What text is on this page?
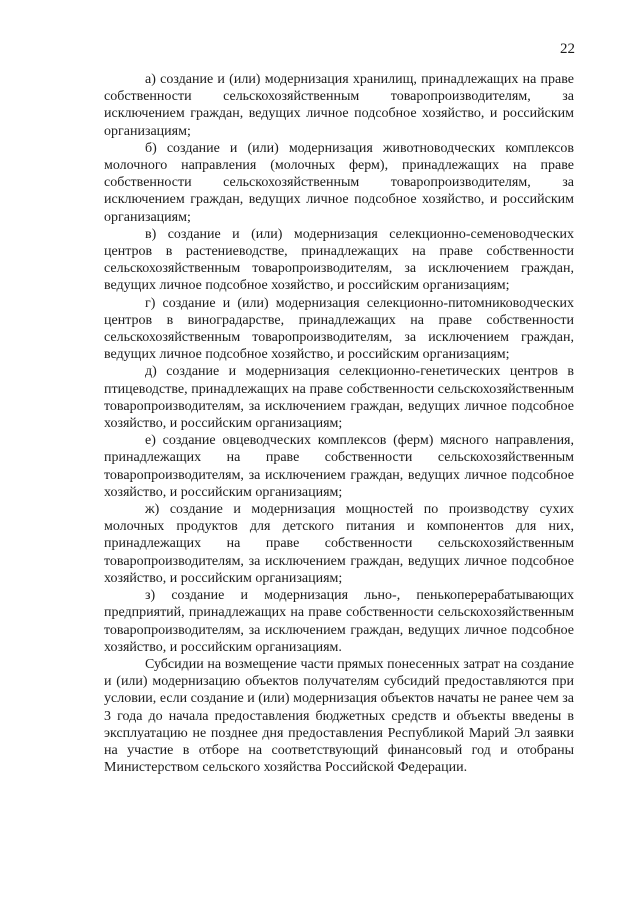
22

а) создание и (или) модернизация хранилищ, принадлежащих на праве собственности сельскохозяйственным товаропроизводителям, за исключением граждан, ведущих личное подсобное хозяйство, и российским организациям;

б) создание и (или) модернизация животноводческих комплексов молочного направления (молочных ферм), принадлежащих на праве собственности сельскохозяйственным товаропроизводителям, за исключением граждан, ведущих личное подсобное хозяйство, и российским организациям;

в) создание и (или) модернизация селекционно-семеноводческих центров в растениеводстве, принадлежащих на праве собственности сельскохозяйственным товаропроизводителям, за исключением граждан, ведущих личное подсобное хозяйство, и российским организациям;

г) создание и (или) модернизация селекционно-питомниководческих центров в виноградарстве, принадлежащих на праве собственности сельскохозяйственным товаропроизводителям, за исключением граждан, ведущих личное подсобное хозяйство, и российским организациям;

д) создание и модернизация селекционно-генетических центров в птицеводстве, принадлежащих на праве собственности сельскохозяйственным товаропроизводителям, за исключением граждан, ведущих личное подсобное хозяйство, и российским организациям;

е) создание овцеводческих комплексов (ферм) мясного направления, принадлежащих на праве собственности сельскохозяйственным товаропроизводителям, за исключением граждан, ведущих личное подсобное хозяйство, и российским организациям;

ж) создание и модернизация мощностей по производству сухих молочных продуктов для детского питания и компонентов для них, принадлежащих на праве собственности сельскохозяйственным товаропроизводителям, за исключением граждан, ведущих личное подсобное хозяйство, и российским организациям;

з) создание и модернизация льно-, пенькоперерабатывающих предприятий, принадлежащих на праве собственности сельскохозяйственным товаропроизводителям, за исключением граждан, ведущих личное подсобное хозяйство, и российским организациям.

Субсидии на возмещение части прямых понесенных затрат на создание и (или) модернизацию объектов получателям субсидий предоставляются при условии, если создание и (или) модернизация объектов начаты не ранее чем за 3 года до начала предоставления бюджетных средств и объекты введены в эксплуатацию не позднее дня предоставления Республикой Марий Эл заявки на участие в отборе на соответствующий финансовый год и отобраны Министерством сельского хозяйства Российской Федерации.
